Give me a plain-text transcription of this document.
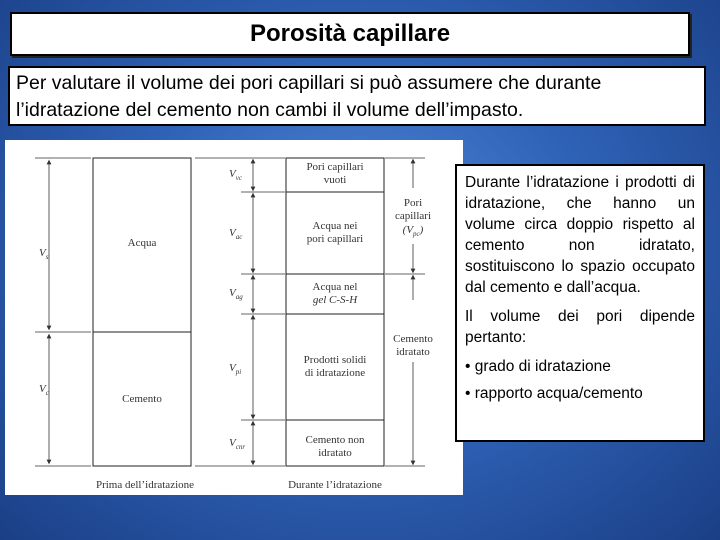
Porosità capillare
Per valutare il volume dei pori capillari si può assumere che durante l’idratazione del cemento non cambi il volume dell’impasto.
$V_s$
$V_c$
Acqua
Cemento
Prima dell’idratazione
$V_{vc}$
$V_{ac}$
$V_{ag}$
$V_{pi}$
$V_{cnr}$
Pori capillari
vuoti
Acqua nei
pori capillari
Acqua nel
gel C-S-H
Prodotti solidi
di idratazione
Cemento non
idratato
Durante l’idratazione
Pori
capillari
$(V_{pc})$
Cemento
idratato

Durante l’idratazione i prodotti di idratazione, che hanno un volume circa doppio rispetto al cemento non idratato, sostituiscono lo spazio occupato dal cemento e dall’acqua.

Il volume dei pori dipende pertanto:

• grado di idratazione

• rapporto acqua/cemento
